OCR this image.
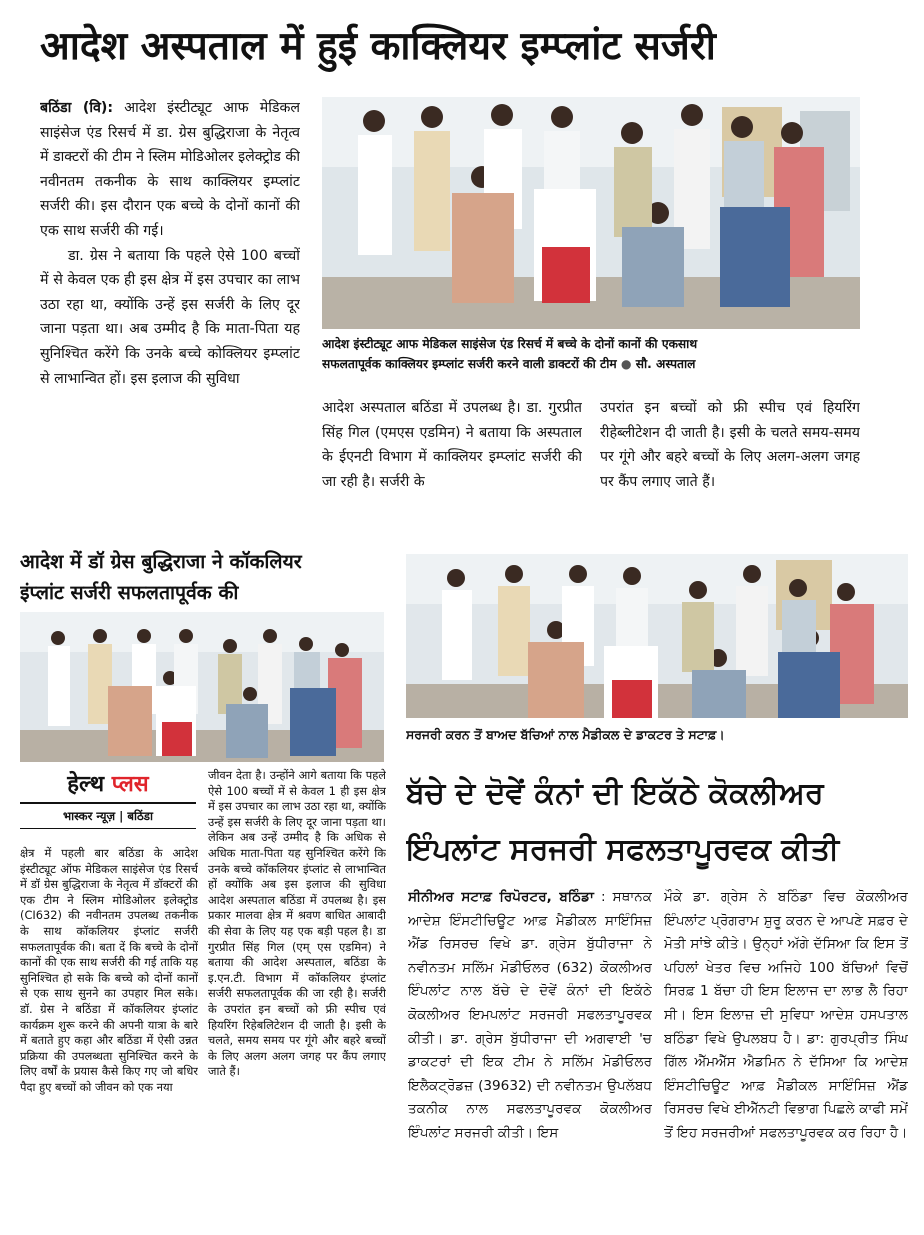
आदेश अस्पताल में हुई काक्लियर इम्प्लांट सर्जरी

बठिंडा (वि): आदेश इंस्टीट्यूट आफ मेडिकल साइंसेज एंड रिसर्च में डा. ग्रेस बुद्धिराजा के नेतृत्व में डाक्टरों की टीम ने स्लिम मोडिओलर इलेक्ट्रोड की नवीनतम तकनीक के साथ काक्लियर इम्प्लांट सर्जरी की। इस दौरान एक बच्चे के दोनों कानों की एक साथ सर्जरी की गई।

डा. ग्रेस ने बताया कि पहले ऐसे 100 बच्चों में से केवल एक ही इस क्षेत्र में इस उपचार का लाभ उठा रहा था, क्योंकि उन्हें इस सर्जरी के लिए दूर जाना पड़ता था। अब उम्मीद है कि माता-पिता यह सुनिश्चित करेंगे कि उनके बच्चे कोक्लियर इम्प्लांट से लाभान्वित हों। इस इलाज की सुविधा

आदेश इंस्टीट्यूट आफ मेडिकल साइंसेज एंड रिसर्च में बच्चे के दोनों कानों की एकसाथ
सफलतापूर्वक काक्लियर इम्प्लांट सर्जरी करने वाली डाक्टरों की टीम ● सौ. अस्पताल

आदेश अस्पताल बठिंडा में उपलब्ध है। डा. गुरप्रीत सिंह गिल (एमएस एडमिन) ने बताया कि अस्पताल के ईएनटी विभाग में काक्लियर इम्प्लांट सर्जरी की जा रही है। सर्जरी के

उपरांत इन बच्चों को फ्री स्पीच एवं हियरिंग रीहेब्लीटेशन दी जाती है। इसी के चलते समय-समय पर गूंगे और बहरे बच्चों के लिए अलग-अलग जगह पर कैंप लगाए जाते हैं।

आदेश में डॉ ग्रेस बुद्धिराजा ने कॉकलियर
इंप्लांट सर्जरी सफलतापूर्वक की
हेल्थ प्लस
भास्कर न्यूज़ | बठिंडा

क्षेत्र में पहली बार बठिंडा के आदेश इंस्टीट्यूट ऑफ मेडिकल साइंसेज एंड रिसर्च में डॉ ग्रेस बुद्धिराजा के नेतृत्व में डॉक्टरों की एक टीम ने स्लिम मोडिओलर इलेक्ट्रोड (CI632) की नवीनतम उपलब्ध तकनीक के साथ कॉकलियर इंप्लांट सर्जरी सफलतापूर्वक की। बता दें कि बच्चे के दोनों कानों की एक साथ सर्जरी की गई ताकि यह सुनिश्चित हो सके कि बच्चे को दोनों कानों से एक साथ सुनने का उपहार मिल सके। डॉ. ग्रेस ने बठिंडा में कॉकलियर इंप्लांट कार्यक्रम शुरू करने की अपनी यात्रा के बारे में बताते हुए कहा और बठिंडा में ऐसी उन्नत प्रक्रिया की उपलब्धता सुनिश्चित करने के लिए वर्षों के प्रयास कैसे किए गए जो बधिर पैदा हुए बच्चों को जीवन को एक नया

जीवन देता है। उन्होंने आगे बताया कि पहले ऐसे 100 बच्चों में से केवल 1 ही इस क्षेत्र में इस उपचार का लाभ उठा रहा था, क्योंकि उन्हें इस सर्जरी के लिए दूर जाना पड़ता था। लेकिन अब उन्हें उम्मीद है कि अधिक से अधिक माता-पिता यह सुनिश्चित करेंगे कि उनके बच्चे कॉकलियर इंप्लांट से लाभान्वित हों क्योंकि अब इस इलाज की सुविधा आदेश अस्पताल बठिंडा में उपलब्ध है। इस प्रकार मालवा क्षेत्र में श्रवण बाधित आबादी की सेवा के लिए यह एक बड़ी पहल है। डा गुरप्रीत सिंह गिल (एम् एस एडमिन) ने बताया की आदेश अस्पताल, बठिंडा के इ.एन.टी. विभाग में कॉकलियर इंप्लांट सर्जरी सफलतापूर्वक की जा रही है। सर्जरी के उपरांत इन बच्चों को फ्री स्पीच एवं हियरिंग रिहेबलिटेशन दी जाती है। इसी के चलते, समय समय पर गूंगे और बहरे बच्चों के लिए अलग अलग जगह पर कैंप लगाए जाते हैं।

ਸਰਜਰੀ ਕਰਨ ਤੋਂ ਬਾਅਦ ਬੱਚਿਆਂ ਨਾਲ ਮੈਡੀਕਲ ਦੇ ਡਾਕਟਰ ਤੇ ਸਟਾਫ਼।
ਬੱਚੇ ਦੇ ਦੋਵੇਂ ਕੰਨਾਂ ਦੀ ਇਕੱਠੇ ਕੋਕਲੀਅਰ
ਇੰਪਲਾਂਟ ਸਰਜਰੀ ਸਫਲਤਾਪੂਰਵਕ ਕੀਤੀ

ਸੀਨੀਅਰ ਸਟਾਫ਼ ਰਿਪੋਰਟਰ, ਬਠਿੰਡਾ : ਸਥਾਨਕ ਆਦੇਸ਼ ਇੰਸਟੀਚਿਊਟ ਆਫ਼ ਮੈਡੀਕਲ ਸਾਇੰਸਿਜ਼ ਐਂਡ ਰਿਸਰਚ ਵਿਖੇ ਡਾ. ਗ੍ਰੇਸ ਬੁੱਧੀਰਾਜਾ ਨੇ ਨਵੀਨਤਮ ਸਲਿੱਮ ਮੋਡੀਓਲਰ (632) ਕੋਕਲੀਅਰ ਇੰਪਲਾਂਟ ਨਾਲ ਬੱਚੇ ਦੇ ਦੋਵੇਂ ਕੰਨਾਂ ਦੀ ਇਕੱਠੇ ਕੋਕਲੀਅਰ ਇਮਪਲਾਂਟ ਸਰਜਰੀ ਸਫਲਤਾਪੂਰਵਕ ਕੀਤੀ। ਡਾ. ਗ੍ਰੇਸ ਬੁੱਧੀਰਾਜਾ ਦੀ ਅਗਵਾਈ 'ਚ ਡਾਕਟਰਾਂ ਦੀ ਇਕ ਟੀਮ ਨੇ ਸਲਿੱਮ ਮੋਡੀਓਲਰ ਇਲੈਕਟ੍ਰੋਡਜ਼ (39632) ਦੀ ਨਵੀਨਤਮ ਉਪਲੱਬਧ ਤਕਨੀਕ ਨਾਲ ਸਫਲਤਾਪੂਰਵਕ ਕੋਕਲੀਅਰ ਇੰਪਲਾਂਟ ਸਰਜਰੀ ਕੀਤੀ। ਇਸ

ਮੌਕੇ ਡਾ. ਗ੍ਰੇਸ ਨੇ ਬਠਿੰਡਾ ਵਿਚ ਕੋਕਲੀਅਰ ਇੰਪਲਾਂਟ ਪ੍ਰੋਗਰਾਮ ਸ਼ੁਰੂ ਕਰਨ ਦੇ ਆਪਣੇ ਸਫ਼ਰ ਦੇ ਮੋਤੀ ਸਾਂਝੇ ਕੀਤੇ। ਉਨ੍ਹਾਂ ਅੱਗੇ ਦੱਸਿਆ ਕਿ ਇਸ ਤੋਂ ਪਹਿਲਾਂ ਖੇਤਰ ਵਿਚ ਅਜਿਹੇ 100 ਬੱਚਿਆਂ ਵਿਚੋਂ ਸਿਰਫ਼ 1 ਬੱਚਾ ਹੀ ਇਸ ਇਲਾਜ ਦਾ ਲਾਭ ਲੈ ਰਿਹਾ ਸੀ। ਇਸ ਇਲਾਜ਼ ਦੀ ਸੁਵਿਧਾ ਆਦੇਸ਼ ਹਸਪਤਾਲ ਬਠਿੰਡਾ ਵਿਖੇ ਉਪਲਬਧ ਹੈ। ਡਾ: ਗੁਰਪ੍ਰੀਤ ਸਿੰਘ ਗਿੱਲ ਐੱਮਐੱਸ ਐਡਮਿਨ ਨੇ ਦੱਸਿਆ ਕਿ ਆਦੇਸ਼ ਇੰਸਟੀਚਿਊਟ ਆਫ਼ ਮੈਡੀਕਲ ਸਾਇੰਸਿਜ਼ ਐਂਡ ਰਿਸਰਚ ਵਿਖੇ ਈਐੱਨਟੀ ਵਿਭਾਗ ਪਿਛਲੇ ਕਾਫੀ ਸਮੇਂ ਤੋਂ ਇਹ ਸਰਜਰੀਆਂ ਸਫਲਤਾਪੂਰਵਕ ਕਰ ਰਿਹਾ ਹੈ।
